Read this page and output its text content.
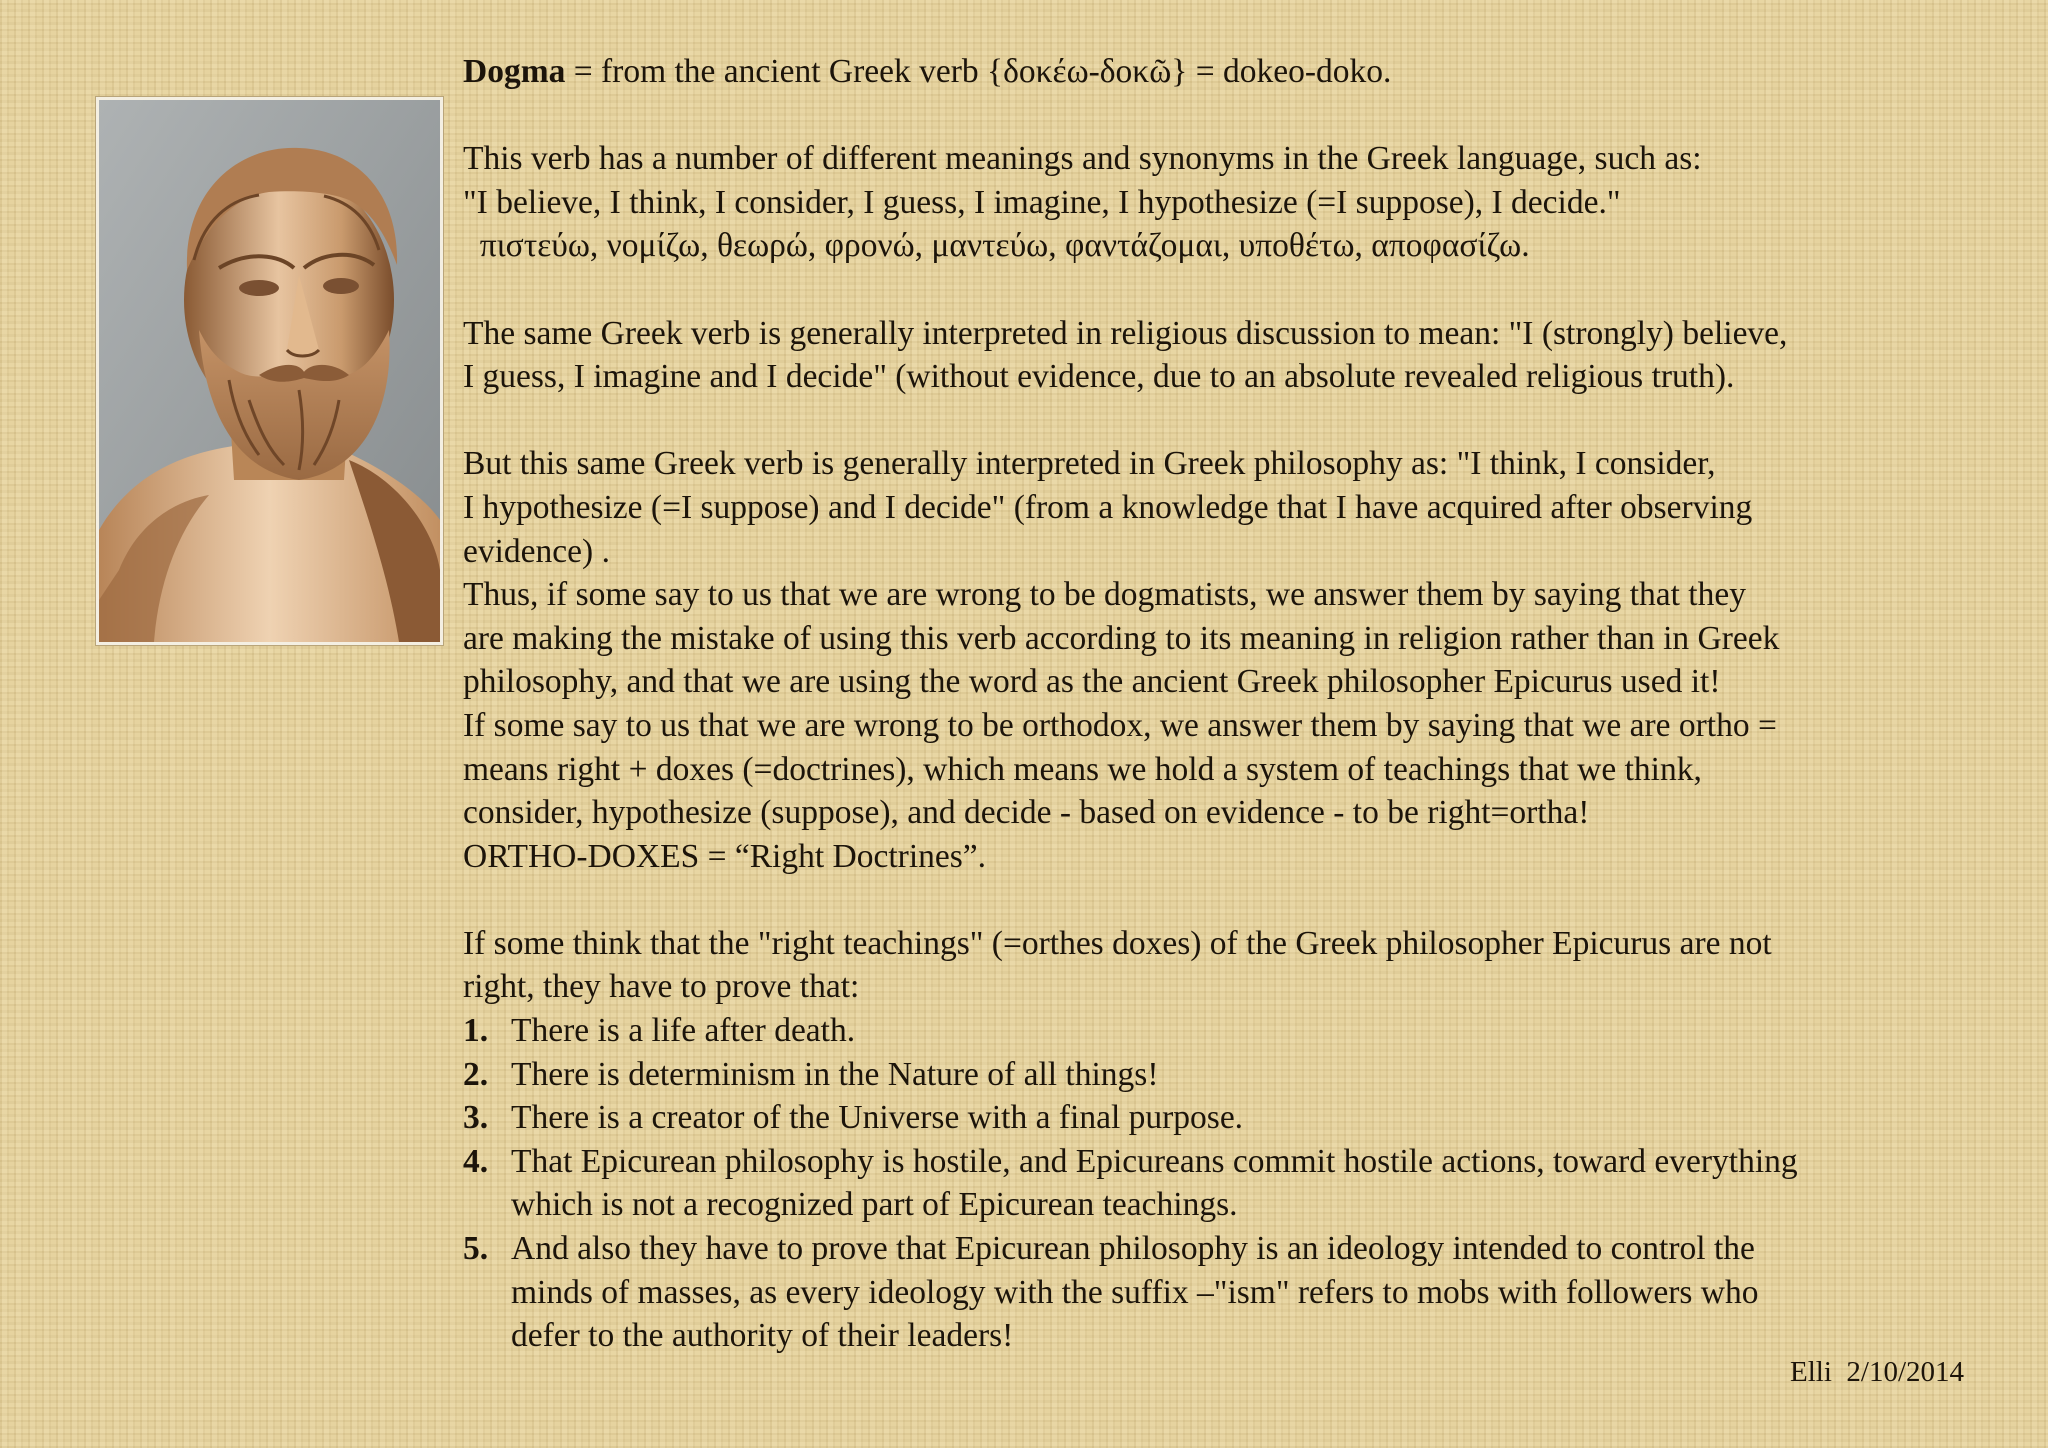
Dogma = from the ancient Greek verb {δοκέω-δοκῶ} = dokeo-doko.
This verb has a number of different meanings and synonyms in the Greek language, such as:
"I believe, I think, I consider, I guess, I imagine, I hypothesize (=I suppose), I decide."
πιστεύω, νομίζω, θεωρώ, φρονώ, μαντεύω, φαντάζομαι, υποθέτω, αποφασίζω.
The same Greek verb is generally interpreted in religious discussion to mean: "I (strongly) believe,
I guess, I imagine and I decide" (without evidence, due to an absolute revealed religious truth).
But this same Greek verb is generally interpreted in Greek philosophy as: "I think, I consider,
I hypothesize (=I suppose) and I decide" (from a knowledge that I have acquired after observing
evidence) .
Thus, if some say to us that we are wrong to be dogmatists, we answer them by saying that they
are making the mistake of using this verb according to its meaning in religion rather than in Greek
philosophy, and that we are using the word as the ancient Greek philosopher Epicurus used it!
If some say to us that we are wrong to be orthodox, we answer them by saying that we are ortho =
means right + doxes (=doctrines), which means we hold a system of teachings that we think,
consider, hypothesize (suppose), and decide - based on evidence - to be right=ortha!
ORTHO-DOXES = “Right Doctrines”.
If some think that the "right teachings" (=orthes doxes) of the Greek philosopher Epicurus are not
right, they have to prove that:
1. There is a life after death.
2. There is determinism in the Nature of all things!
3. There is a creator of the Universe with a final purpose.
4. That Epicurean philosophy is hostile, and Epicureans commit hostile actions, toward everything
which is not a recognized part of Epicurean teachings.
5. And also they have to prove that Epicurean philosophy is an ideology intended to control the
minds of masses, as every ideology with the suffix –"ism" refers to mobs with followers who
defer to the authority of their leaders!
Elli  2/10/2014
